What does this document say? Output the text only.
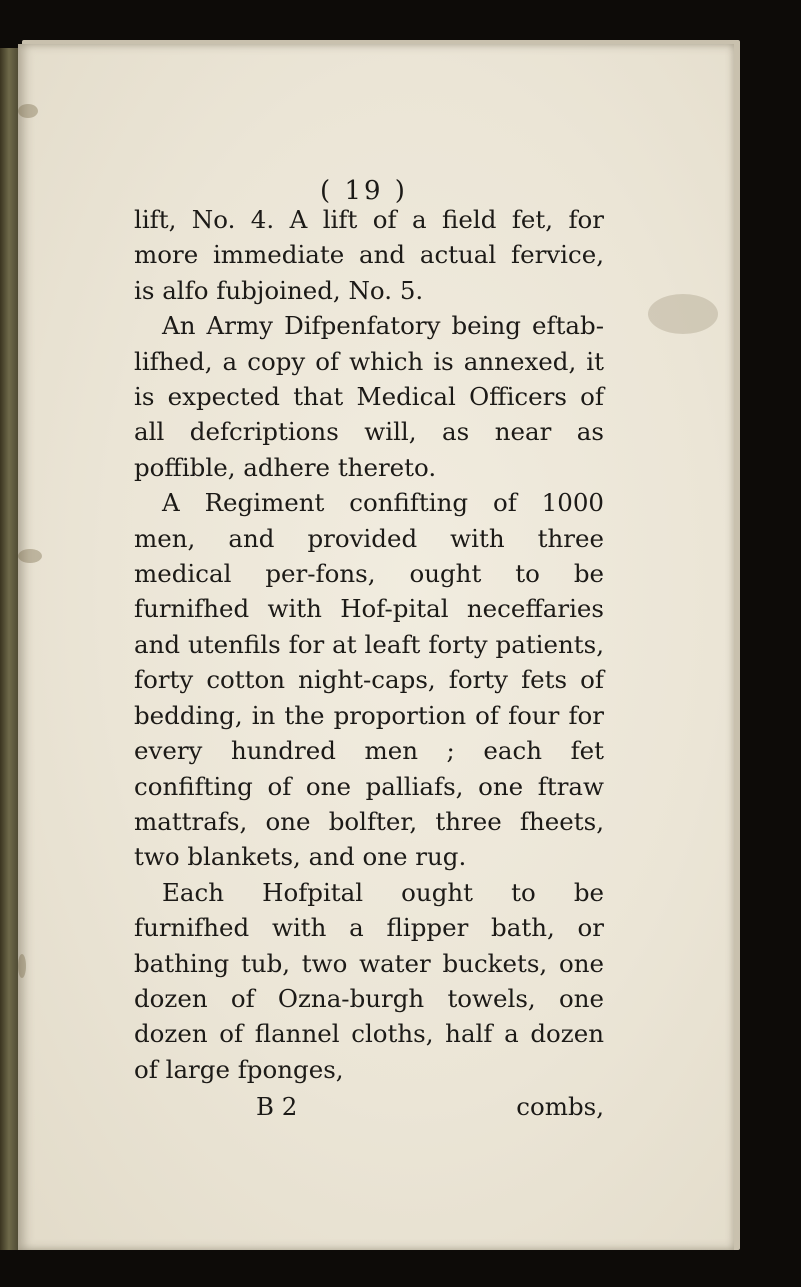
( 19 )

lift, No. 4. A lift of a field fet, for more immediate and actual fervice, is alfo fubjoined, No. 5.

An Army Difpenfatory being eftab-lifhed, a copy of which is annexed, it is expected that Medical Officers of all defcriptions will, as near as poffible, adhere thereto.

A Regiment confifting of 1000 men, and provided with three medical per-fons, ought to be furnifhed with Hof-pital neceffaries and utenfils for at leaft forty patients, forty cotton night-caps, forty fets of bedding, in the proportion of four for every hundred men ; each fet confifting of one palliafs, one ftraw mattrafs, one bolfter, three fheets, two blankets, and one rug.

Each Hofpital ought to be furnifhed with a flipper bath, or bathing tub, two water buckets, one dozen of Ozna-burgh towels, one dozen of flannel cloths, half a dozen of large fponges,

B 2	combs,
